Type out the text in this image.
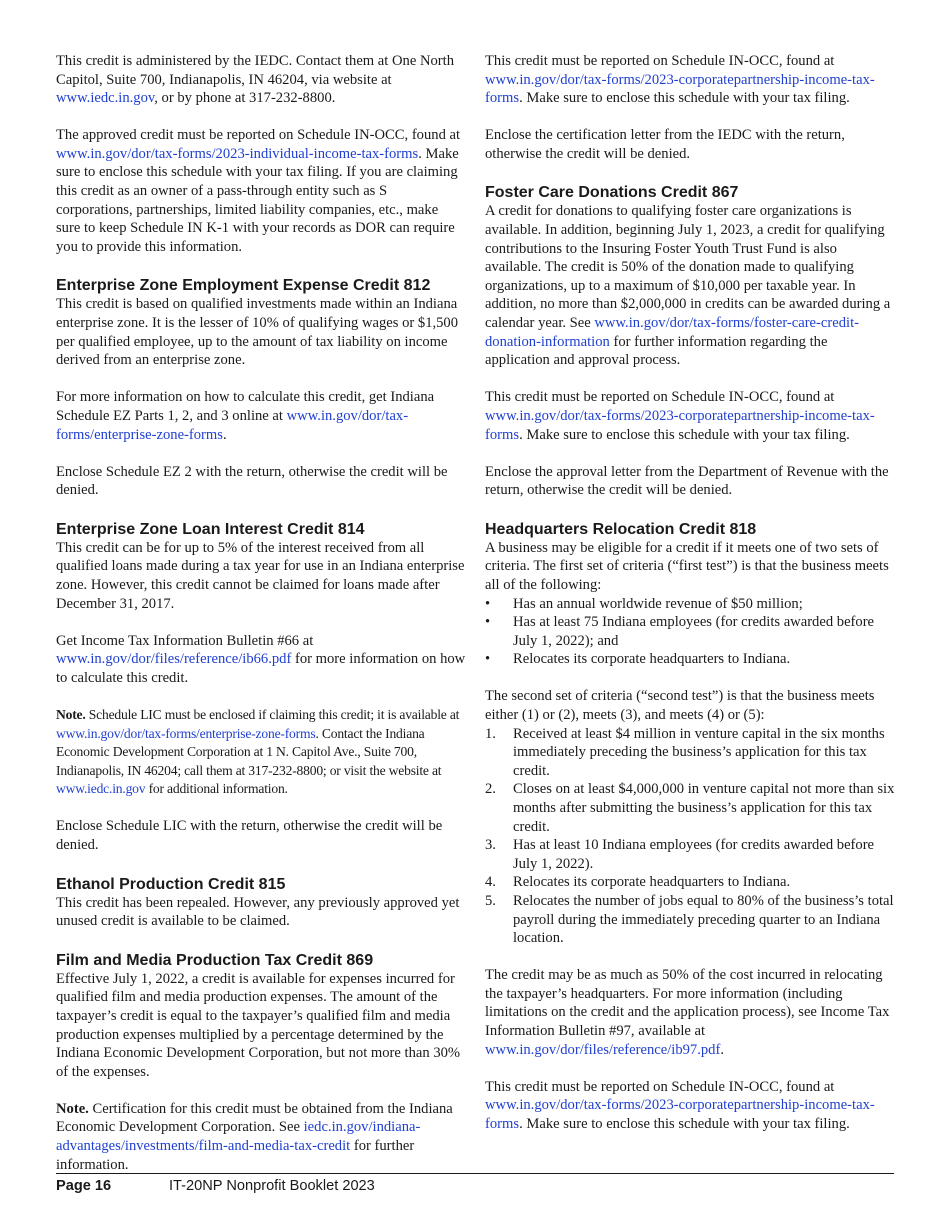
This credit is administered by the IEDC. Contact them at One North Capitol, Suite 700, Indianapolis, IN 46204, via website at www.iedc.in.gov, or by phone at 317-232-8800.

The approved credit must be reported on Schedule IN-OCC, found at www.in.gov/dor/tax-forms/2023-individual-income-tax-forms. Make sure to enclose this schedule with your tax filing. If you are claiming this credit as an owner of a pass-through entity such as S corporations, partnerships, limited liability companies, etc., make sure to keep Schedule IN K-1 with your records as DOR can require you to provide this information.

Enterprise Zone Employment Expense Credit 812

This credit is based on qualified investments made within an Indiana enterprise zone. It is the lesser of 10% of qualifying wages or $1,500 per qualified employee, up to the amount of tax liability on income derived from an enterprise zone.

For more information on how to calculate this credit, get Indiana Schedule EZ Parts 1, 2, and 3 online at www.in.gov/dor/tax-forms/enterprise-zone-forms.

Enclose Schedule EZ 2 with the return, otherwise the credit will be denied.

Enterprise Zone Loan Interest Credit 814

This credit can be for up to 5% of the interest received from all qualified loans made during a tax year for use in an Indiana enterprise zone. However, this credit cannot be claimed for loans made after December 31, 2017.

Get Income Tax Information Bulletin #66 at www.in.gov/dor/files/reference/ib66.pdf for more information on how to calculate this credit.

Note. Schedule LIC must be enclosed if claiming this credit; it is available at www.in.gov/dor/tax-forms/enterprise-zone-forms. Contact the Indiana Economic Development Corporation at 1 N. Capitol Ave., Suite 700, Indianapolis, IN 46204; call them at 317-232-8800; or visit the website at www.iedc.in.gov for additional information.

Enclose Schedule LIC with the return, otherwise the credit will be denied.

Ethanol Production Credit 815

This credit has been repealed. However, any previously approved yet unused credit is available to be claimed.

Film and Media Production Tax Credit 869

Effective July 1, 2022, a credit is available for expenses incurred for qualified film and media production expenses. The amount of the taxpayer’s credit is equal to the taxpayer’s qualified film and media production expenses multiplied by a percentage determined by the Indiana Economic Development Corporation, but not more than 30% of the expenses.

Note. Certification for this credit must be obtained from the Indiana Economic Development Corporation. See iedc.in.gov/indiana-advantages/investments/film-and-media-tax-credit for further information.

This credit must be reported on Schedule IN-OCC, found at www.in.gov/dor/tax-forms/2023-corporatepartnership-income-tax-forms. Make sure to enclose this schedule with your tax filing.

Enclose the certification letter from the IEDC with the return, otherwise the credit will be denied.

Foster Care Donations Credit 867

A credit for donations to qualifying foster care organizations is available. In addition, beginning July 1, 2023, a credit for qualifying contributions to the Insuring Foster Youth Trust Fund is also available. The credit is 50% of the donation made to qualifying organizations, up to a maximum of $10,000 per taxable year. In addition, no more than $2,000,000 in credits can be awarded during a calendar year. See www.in.gov/dor/tax-forms/foster-care-credit-donation-information for further information regarding the application and approval process.

This credit must be reported on Schedule IN-OCC, found at www.in.gov/dor/tax-forms/2023-corporatepartnership-income-tax-forms. Make sure to enclose this schedule with your tax filing.

Enclose the approval letter from the Department of Revenue with the return, otherwise the credit will be denied.

Headquarters Relocation Credit 818

A business may be eligible for a credit if it meets one of two sets of criteria. The first set of criteria (“first test”) is that the business meets all of the following:

• Has an annual worldwide revenue of $50 million;
• Has at least 75 Indiana employees (for credits awarded before July 1, 2022); and
• Relocates its corporate headquarters to Indiana.

The second set of criteria (“second test”) is that the business meets either (1) or (2), meets (3), and meets (4) or (5):

1. Received at least $4 million in venture capital in the six months immediately preceding the business’s application for this tax credit.
2. Closes on at least $4,000,000 in venture capital not more than six months after submitting the business’s application for this tax credit.
3. Has at least 10 Indiana employees (for credits awarded before July 1, 2022).
4. Relocates its corporate headquarters to Indiana.
5. Relocates the number of jobs equal to 80% of the business’s total payroll during the immediately preceding quarter to an Indiana location.

The credit may be as much as 50% of the cost incurred in relocating the taxpayer’s headquarters. For more information (including limitations on the credit and the application process), see Income Tax Information Bulletin #97, available at www.in.gov/dor/files/reference/ib97.pdf.

This credit must be reported on Schedule IN-OCC, found at www.in.gov/dor/tax-forms/2023-corporatepartnership-income-tax-forms. Make sure to enclose this schedule with your tax filing.

Page 16	IT-20NP Nonprofit Booklet 2023
